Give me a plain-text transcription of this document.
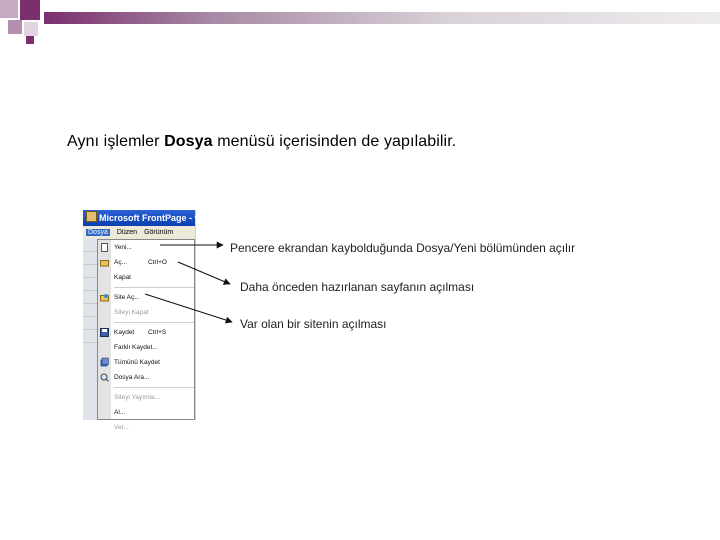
Aynı işlemler Dosya menüsü içerisinden de yapılabilir.
Microsoft FrontPage - ye
Dosya Düzen Görünüm
Yeni...
Aç...	Ctrl+O
Kapat
Site Aç...
Siteyi Kapat
Kaydet Ctrl+S
Farklı Kaydet...
Tümünü Kaydet
Dosya Ara...
Siteyi Yayımla...
Al...
Ver...
Pencere ekrandan kaybolduğunda Dosya/Yeni bölümünden açılır
Daha önceden hazırlanan sayfanın açılması
Var olan bir sitenin açılması
